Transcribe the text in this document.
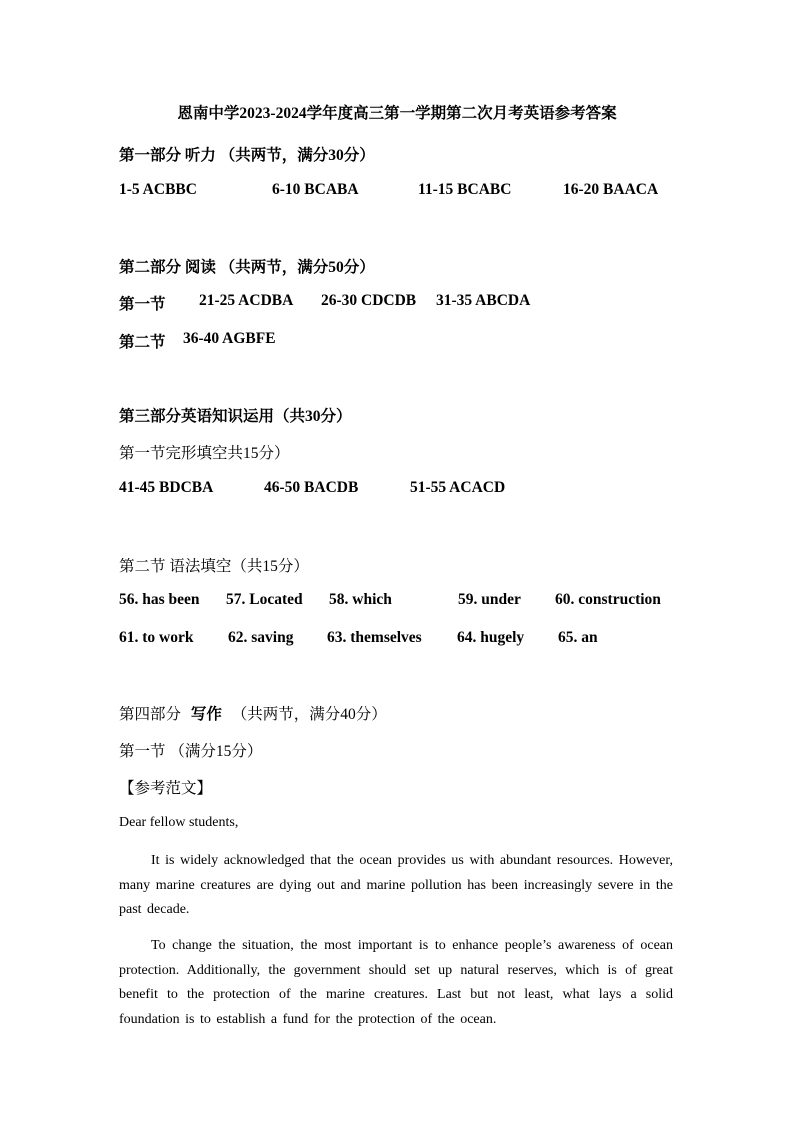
恩南中学2023-2024学年度高三第一学期第二次月考英语参考答案
第一部分 听力 （共两节，满分30分）
1-5 ACBBC	6-10 BCABA	11-15 BCABC	16-20 BAACA
第二部分 阅读 （共两节，满分50分）
第一节 21-25 ACDBA 26-30 CDCDB 31-35 ABCDA
第二节 36-40 AGBFE
第三部分英语知识运用（共30分）
第一节完形填空共15分）
41-45 BDCBA	46-50 BACDB	51-55 ACACD
第二节 语法填空（共15分）
56. has been 57. Located 58. which	59. under 60. construction
61. to work 62. saving 63. themselves 64. hugely 65. an
第四部分 写作 （共两节，满分40分）
第一节 （满分15分）
【参考范文】
Dear fellow students,
It is widely acknowledged that the ocean provides us with abundant resources. However, many marine creatures are dying out and marine pollution has been increasingly severe in the past decade.
To change the situation, the most important is to enhance people’s awareness of ocean protection. Additionally, the government should set up natural reserves, which is of great benefit to the protection of the marine creatures. Last but not least, what lays a solid foundation is to establish a fund for the protection of the ocean.
